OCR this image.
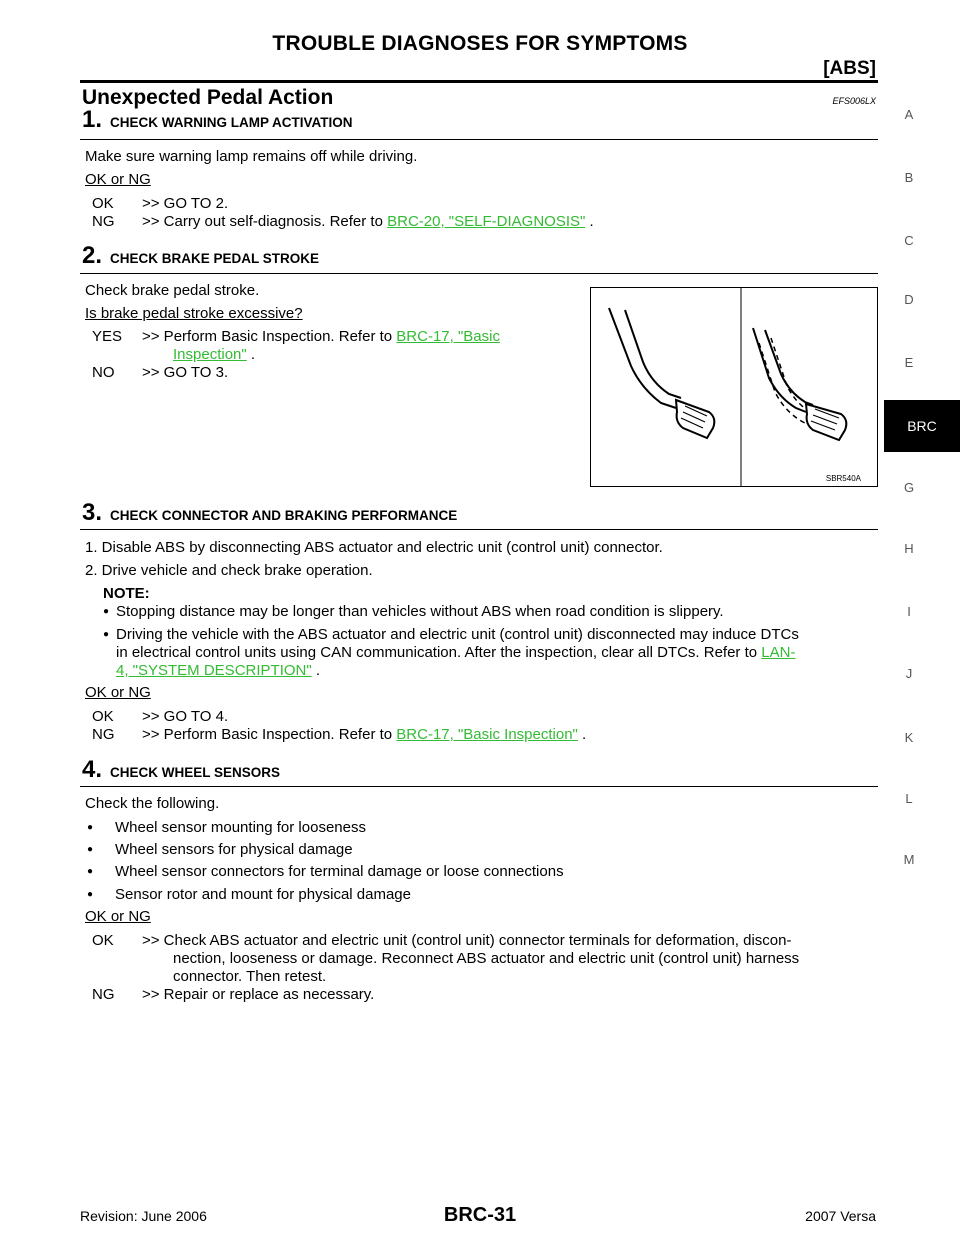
TROUBLE DIAGNOSES FOR SYMPTOMS
[ABS]
Unexpected Pedal Action	EFS006LX
1. CHECK WARNING LAMP ACTIVATION
Make sure warning lamp remains off while driving.
OK or NG
OK >> GO TO 2.
NG >> Carry out self-diagnosis. Refer to BRC-20, "SELF-DIAGNOSIS" .
2. CHECK BRAKE PEDAL STROKE
Check brake pedal stroke.
Is brake pedal stroke excessive?
YES >> Perform Basic Inspection. Refer to BRC-17, "Basic
Inspection" .
NO >> GO TO 3.
SBR540A
3. CHECK CONNECTOR AND BRAKING PERFORMANCE
1. Disable ABS by disconnecting ABS actuator and electric unit (control unit) connector.
2. Drive vehicle and check brake operation.
NOTE:
● Stopping distance may be longer than vehicles without ABS when road condition is slippery.
● Driving the vehicle with the ABS actuator and electric unit (control unit) disconnected may induce DTCs
in electrical control units using CAN communication. After the inspection, clear all DTCs. Refer to LAN-
4, "SYSTEM DESCRIPTION" .
OK or NG
OK >> GO TO 4.
NG >> Perform Basic Inspection. Refer to BRC-17, "Basic Inspection" .
4. CHECK WHEEL SENSORS
Check the following.
● Wheel sensor mounting for looseness
● Wheel sensors for physical damage
● Wheel sensor connectors for terminal damage or loose connections
● Sensor rotor and mount for physical damage
OK or NG
OK >> Check ABS actuator and electric unit (control unit) connector terminals for deformation, discon-
nection, looseness or damage. Reconnect ABS actuator and electric unit (control unit) harness
connector. Then retest.
NG >> Repair or replace as necessary.
A
B
C
D
E
BRC
G
H
I
J
K
L
M
Revision: June 2006	BRC-31	2007 Versa
